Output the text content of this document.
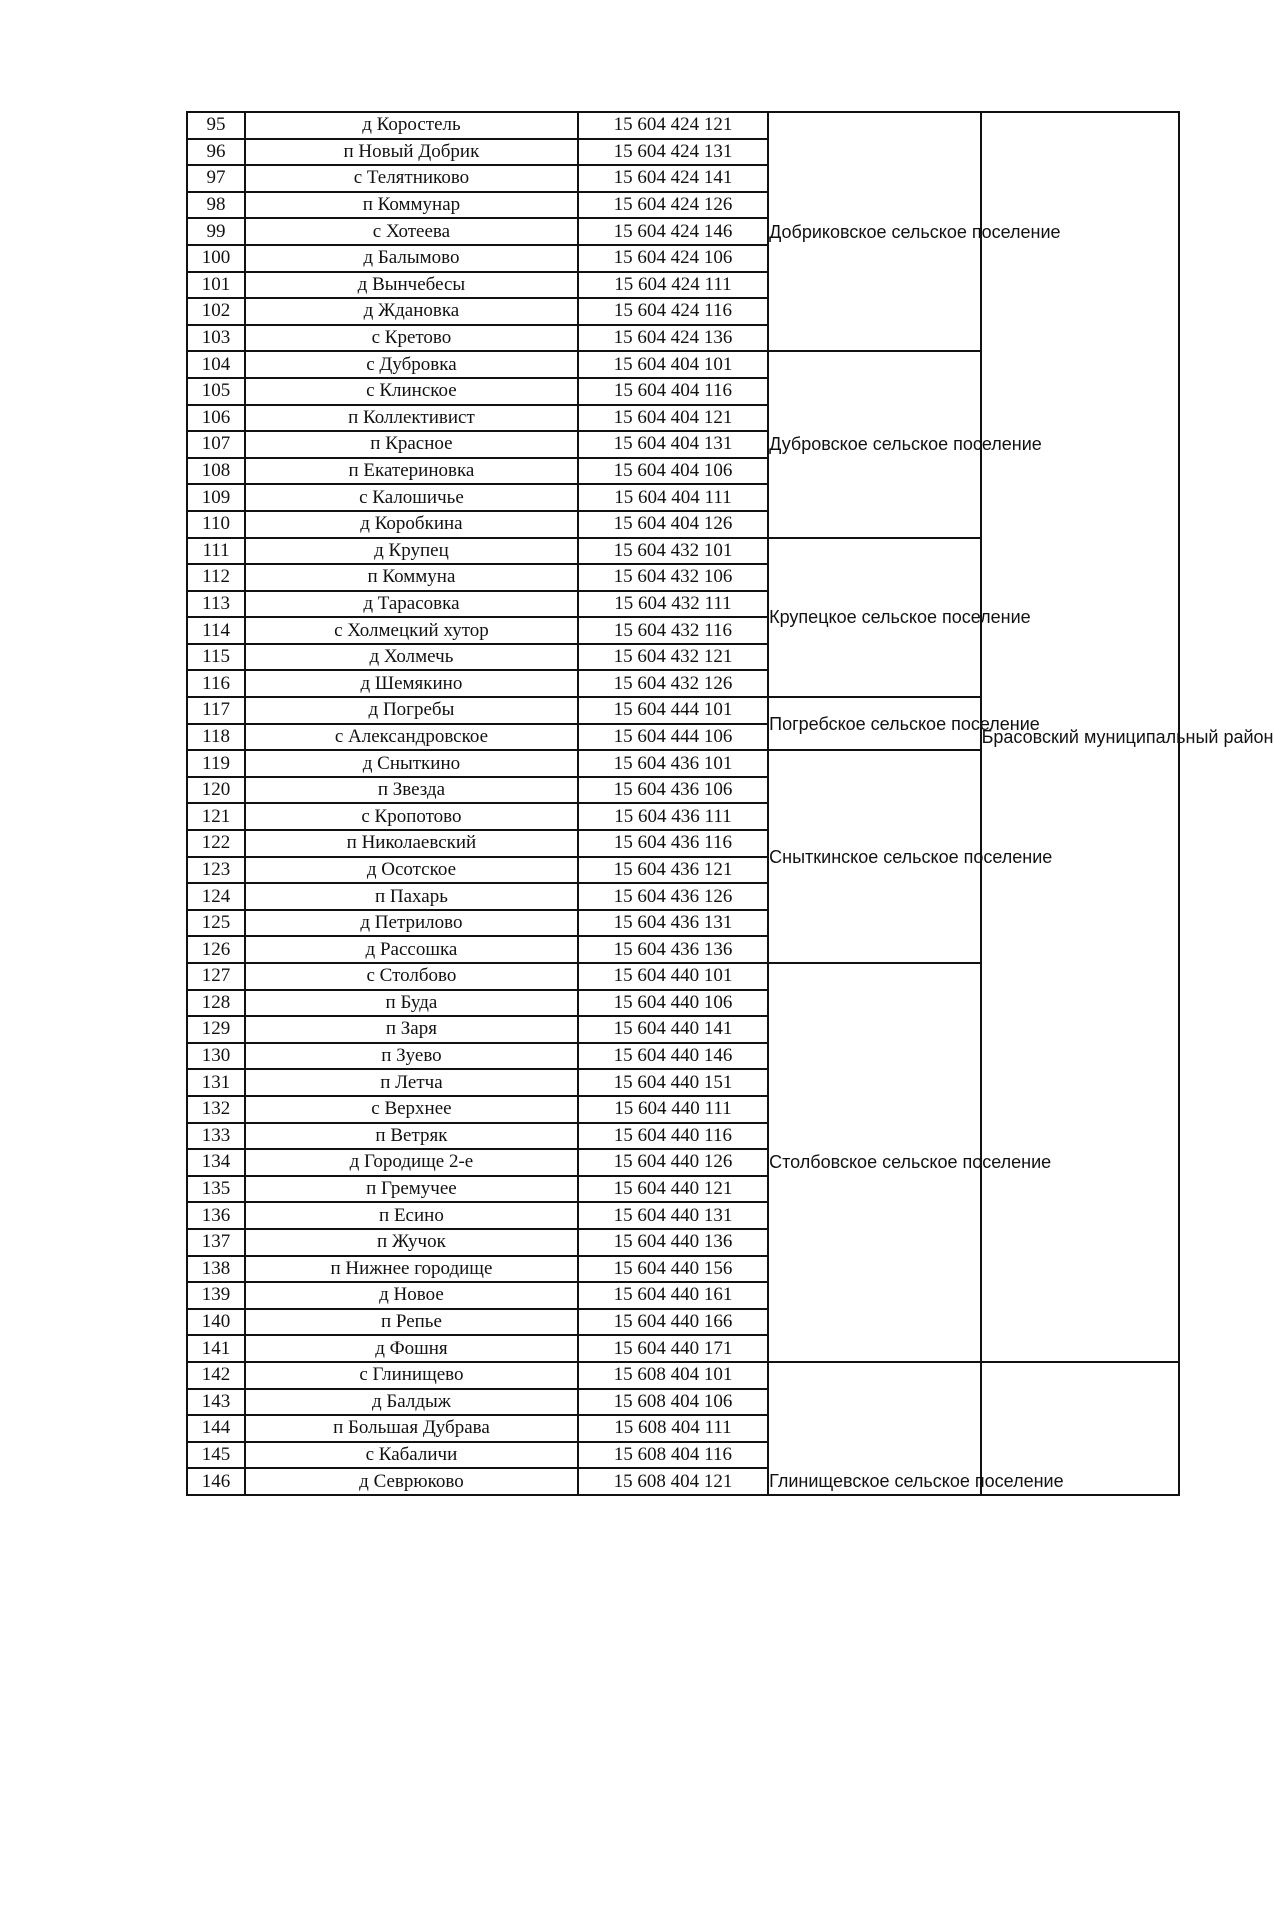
95	д Коростель	15 604 424 121	Добриковское сельское поселение	Брасовский муниципальный район
96	п Новый Добрик	15 604 424 131		
97	с Телятниково	15 604 424 141		
98	п Коммунар	15 604 424 126		
99	с Хотеева	15 604 424 146		
100	д Балымово	15 604 424 106		
101	д Вынчебесы	15 604 424 111		
102	д Ждановка	15 604 424 116		
103	с Кретово	15 604 424 136		
104	с Дубровка	15 604 404 101	Дубровское сельское поселение	
105	с Клинское	15 604 404 116		
106	п Коллективист	15 604 404 121		
107	п Красное	15 604 404 131		
108	п Екатериновка	15 604 404 106		
109	с Калошичье	15 604 404 111		
110	д Коробкина	15 604 404 126		
111	д Крупец	15 604 432 101	Крупецкое сельское поселение	
112	п Коммуна	15 604 432 106		
113	д Тарасовка	15 604 432 111		
114	с Холмецкий хутор	15 604 432 116		
115	д Холмечь	15 604 432 121		
116	д Шемякино	15 604 432 126		
117	д Погребы	15 604 444 101	Погребское сельское поселение	
118	с Александровское	15 604 444 106		
119	д Сныткино	15 604 436 101	Сныткинское сельское поселение	
120	п Звезда	15 604 436 106		
121	с Кропотово	15 604 436 111		
122	п Николаевский	15 604 436 116		
123	д Осотское	15 604 436 121		
124	п Пахарь	15 604 436 126		
125	д Петрилово	15 604 436 131		
126	д Рассошка	15 604 436 136		
127	с Столбово	15 604 440 101	Столбовское сельское поселение	
128	п Буда	15 604 440 106		
129	п Заря	15 604 440 141		
130	п Зуево	15 604 440 146		
131	п Летча	15 604 440 151		
132	с Верхнее	15 604 440 111		
133	п Ветряк	15 604 440 116		
134	д Городище 2-е	15 604 440 126		
135	п Гремучее	15 604 440 121		
136	п Есино	15 604 440 131		
137	п Жучок	15 604 440 136		
138	п Нижнее городище	15 604 440 156		
139	д Новое	15 604 440 161		
140	п Репье	15 604 440 166		
141	д Фошня	15 604 440 171		
142	с Глинищево	15 608 404 101	Глинищевское сельское поселение	
143	д Балдыж	15 608 404 106		
144	п Большая Дубрава	15 608 404 111		
145	с Кабаличи	15 608 404 116		
146	д Севрюково	15 608 404 121		
